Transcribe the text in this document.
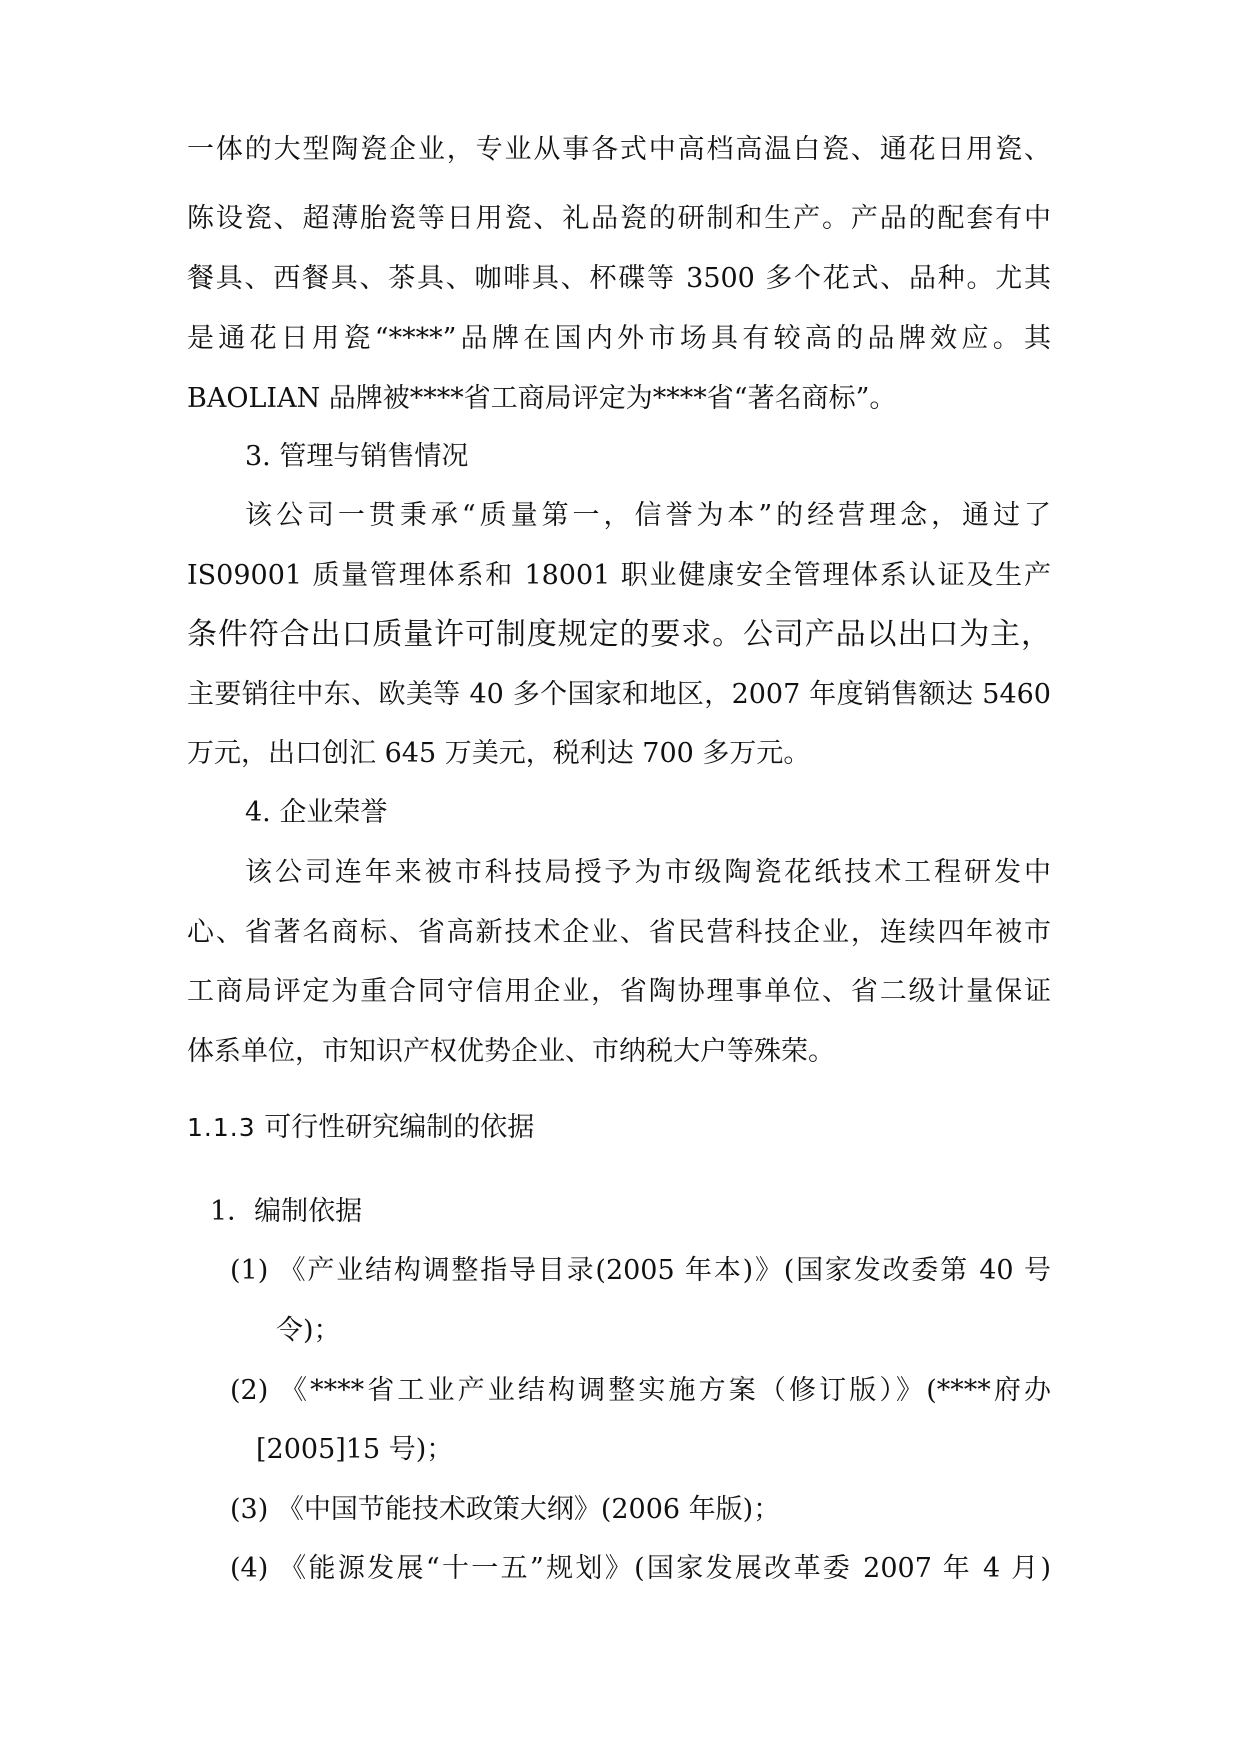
一体的大型陶瓷企业，专业从事各式中高档高温白瓷、通花日用瓷、
陈设瓷、超薄胎瓷等日用瓷、礼品瓷的研制和生产。产品的配套有中
餐具、西餐具、茶具、咖啡具、杯碟等 3500 多个花式、品种。尤其
是通花日用瓷“****”品牌在国内外市场具有较高的品牌效应。其
BAOLIAN 品牌被****省工商局评定为****省“著名商标”。
3. 管理与销售情况
该公司一贯秉承“质量第一，信誉为本”的经营理念，通过了
IS09001 质量管理体系和 18001 职业健康安全管理体系认证及生产
条件符合出口质量许可制度规定的要求。公司产品以出口为主，
主要销往中东、欧美等 40 多个国家和地区，2007 年度销售额达 5460
万元，出口创汇 645 万美元，税利达 700 多万元。
4. 企业荣誉
该公司连年来被市科技局授予为市级陶瓷花纸技术工程研发中
心、省著名商标、省高新技术企业、省民营科技企业，连续四年被市
工商局评定为重合同守信用企业，省陶协理事单位、省二级计量保证
体系单位，市知识产权优势企业、市纳税大户等殊荣。
1.1.3 可行性研究编制的依据
1．编制依据
(1) 《产业结构调整指导目录(2005 年本)》(国家发改委第 40 号
令)；
(2) 《****省工业产业结构调整实施方案（修订版）》(****府办
[2005]15 号)；
(3) 《中国节能技术政策大纲》(2006 年版)；
(4) 《能源发展“十一五”规划》(国家发展改革委 2007 年 4 月)
